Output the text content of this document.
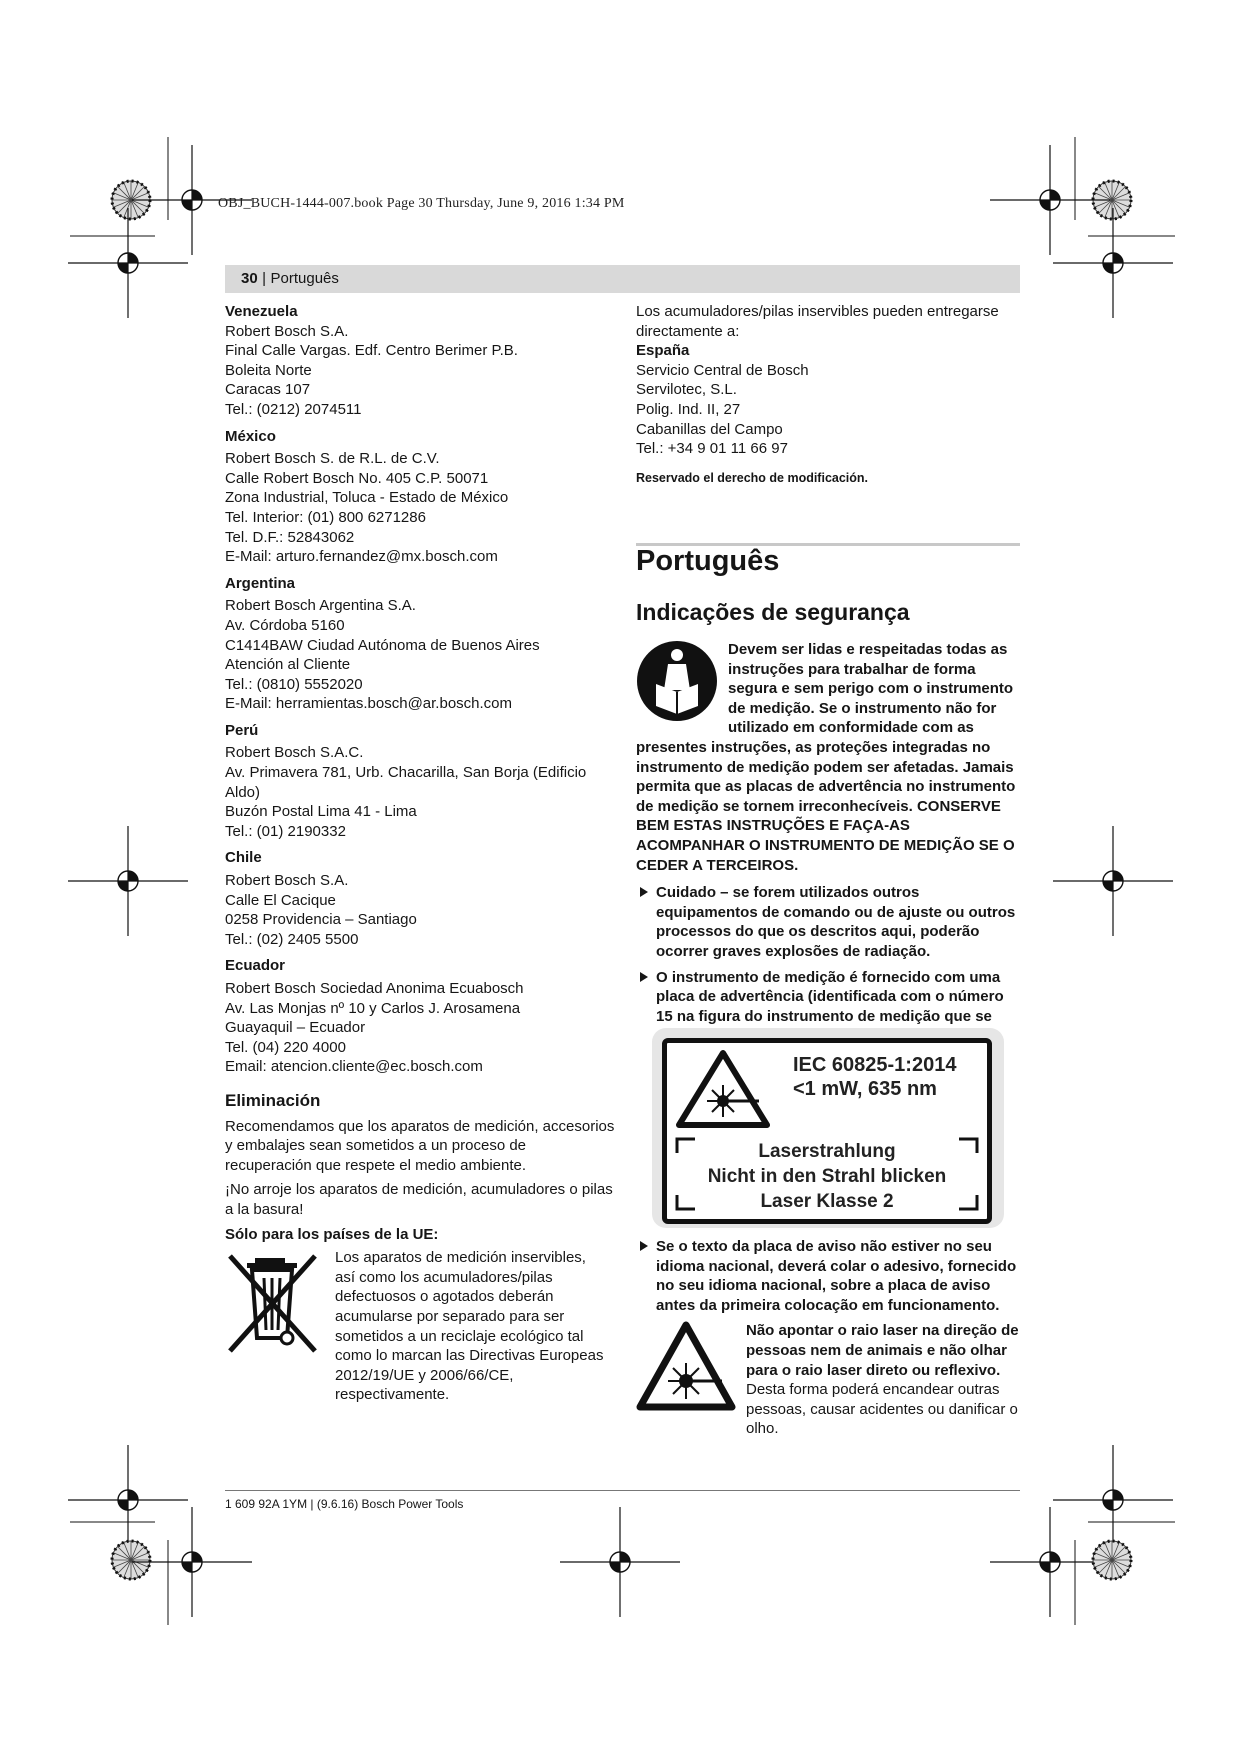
OBJ_BUCH-1444-007.book Page 30 Thursday, June 9, 2016 1:34 PM
30 | Português

Venezuela

Robert Bosch S.A.

Final Calle Vargas. Edf. Centro Berimer P.B.

Boleita Norte

Caracas 107

Tel.: (0212) 2074511

México

Robert Bosch S. de R.L. de C.V.

Calle Robert Bosch No. 405 C.P. 50071

Zona Industrial, Toluca - Estado de México

Tel. Interior: (01) 800 6271286

Tel. D.F.: 52843062

E-Mail: arturo.fernandez@mx.bosch.com

Argentina

Robert Bosch Argentina S.A.

Av. Córdoba 5160

C1414BAW Ciudad Autónoma de Buenos Aires

Atención al Cliente

Tel.: (0810) 5552020

E-Mail: herramientas.bosch@ar.bosch.com

Perú

Robert Bosch S.A.C.

Av. Primavera 781, Urb. Chacarilla, San Borja (Edificio Aldo)

Buzón Postal Lima 41 - Lima

Tel.: (01) 2190332

Chile

Robert Bosch S.A.

Calle El Cacique

0258 Providencia – Santiago

Tel.: (02) 2405 5500

Ecuador

Robert Bosch Sociedad Anonima Ecuabosch

Av. Las Monjas nº 10 y Carlos J. Arosamena

Guayaquil – Ecuador

Tel. (04) 220 4000

Email: atencion.cliente@ec.bosch.com

Eliminación

Recomendamos que los aparatos de medición, accesorios y embalajes sean sometidos a un proceso de recuperación que respete el medio ambiente.

¡No arroje los aparatos de medición, acumuladores o pilas a la basura!

Sólo para los países de la UE:

Los aparatos de medición inservibles, así como los acumuladores/pilas defectuosos o agotados deberán acumularse por separado para ser sometidos a un reciclaje ecológico tal como lo marcan las Directivas Europeas 2012/19/UE y 2006/66/CE, respectivamente.

Los acumuladores/pilas inservibles pueden entregarse directamente a:

España

Servicio Central de Bosch

Servilotec, S.L.

Polig. Ind. II, 27

Cabanillas del Campo

Tel.: +34 9 01 11 66 97

Reservado el derecho de modificación.

Português
Indicações de segurança

Devem ser lidas e respeitadas todas as instruções para trabalhar de forma segura e sem perigo com o instrumento de medição. Se o instrumento não for utilizado em conformidade com as presentes instruções, as proteções integradas no instrumento de medição podem ser afetadas. Jamais permita que as placas de advertência no instrumento de medição se tornem irreconhecíveis. CONSERVE BEM ESTAS INSTRUÇÕES E FAÇA-AS ACOMPANHAR O INSTRUMENTO DE MEDIÇÃO SE O CEDER A TERCEIROS.

Cuidado – se forem utilizados outros equipamentos de comando ou de ajuste ou outros processos do que os descritos aqui, poderão ocorrer graves explosões de radiação.
O instrumento de medição é fornecido com uma placa de advertência (identificada com o número 15 na figura do instrumento de medição que se
IEC 60825-1:2014
<1 mW, 635 nm
Laserstrahlung
Nicht in den Strahl blicken
Laser Klasse 2
Se o texto da placa de aviso não estiver no seu idioma nacional, deverá colar o adesivo, fornecido no seu idioma nacional, sobre a placa de aviso antes da primeira colocação em funcionamento.

Não apontar o raio laser na direção de pessoas nem de animais e não olhar para o raio laser direto ou reflexivo. Desta forma poderá encandear outras pessoas, causar acidentes ou danificar o olho.

1 609 92A 1YM | (9.6.16) Bosch Power Tools
